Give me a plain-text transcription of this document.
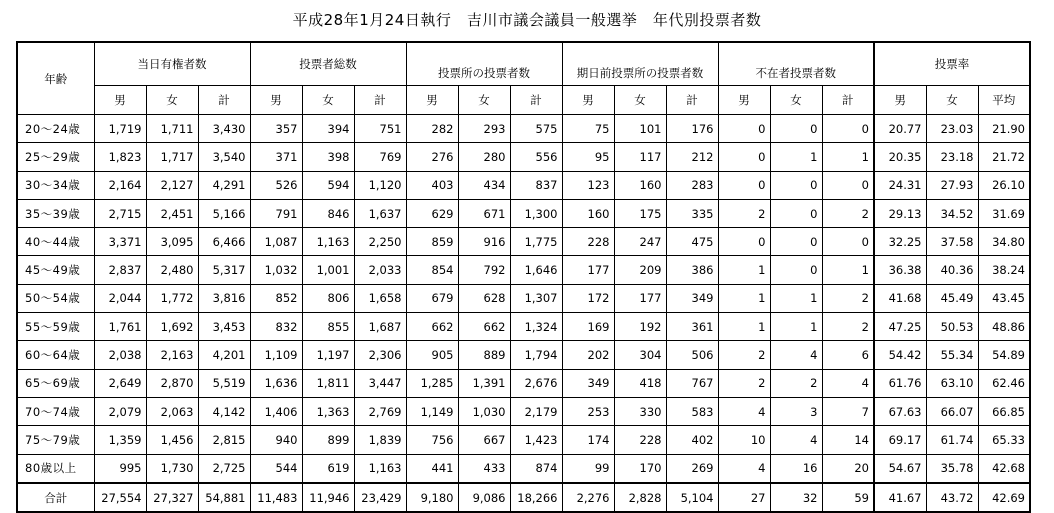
平成28年1月24日執行　吉川市議会議員一般選挙　年代別投票者数
年齢	当日有権者数			投票者総数			投票所の投票者数			期日前投票所の投票者数			不在者投票者数			投票率		
	男	女	計	男	女	計	男	女	計	男	女	計	男	女	計	男	女	平均
20～24歳	1,719	1,711	3,430	357	394	751	282	293	575	75	101	176	0	0	0	20.77	23.03	21.90
25～29歳	1,823	1,717	3,540	371	398	769	276	280	556	95	117	212	0	1	1	20.35	23.18	21.72
30～34歳	2,164	2,127	4,291	526	594	1,120	403	434	837	123	160	283	0	0	0	24.31	27.93	26.10
35～39歳	2,715	2,451	5,166	791	846	1,637	629	671	1,300	160	175	335	2	0	2	29.13	34.52	31.69
40～44歳	3,371	3,095	6,466	1,087	1,163	2,250	859	916	1,775	228	247	475	0	0	0	32.25	37.58	34.80
45～49歳	2,837	2,480	5,317	1,032	1,001	2,033	854	792	1,646	177	209	386	1	0	1	36.38	40.36	38.24
50～54歳	2,044	1,772	3,816	852	806	1,658	679	628	1,307	172	177	349	1	1	2	41.68	45.49	43.45
55～59歳	1,761	1,692	3,453	832	855	1,687	662	662	1,324	169	192	361	1	1	2	47.25	50.53	48.86
60～64歳	2,038	2,163	4,201	1,109	1,197	2,306	905	889	1,794	202	304	506	2	4	6	54.42	55.34	54.89
65～69歳	2,649	2,870	5,519	1,636	1,811	3,447	1,285	1,391	2,676	349	418	767	2	2	4	61.76	63.10	62.46
70～74歳	2,079	2,063	4,142	1,406	1,363	2,769	1,149	1,030	2,179	253	330	583	4	3	7	67.63	66.07	66.85
75～79歳	1,359	1,456	2,815	940	899	1,839	756	667	1,423	174	228	402	10	4	14	69.17	61.74	65.33
80歳以上	995	1,730	2,725	544	619	1,163	441	433	874	99	170	269	4	16	20	54.67	35.78	42.68
合計	27,554	27,327	54,881	11,483	11,946	23,429	9,180	9,086	18,266	2,276	2,828	5,104	27	32	59	41.67	43.72	42.69
